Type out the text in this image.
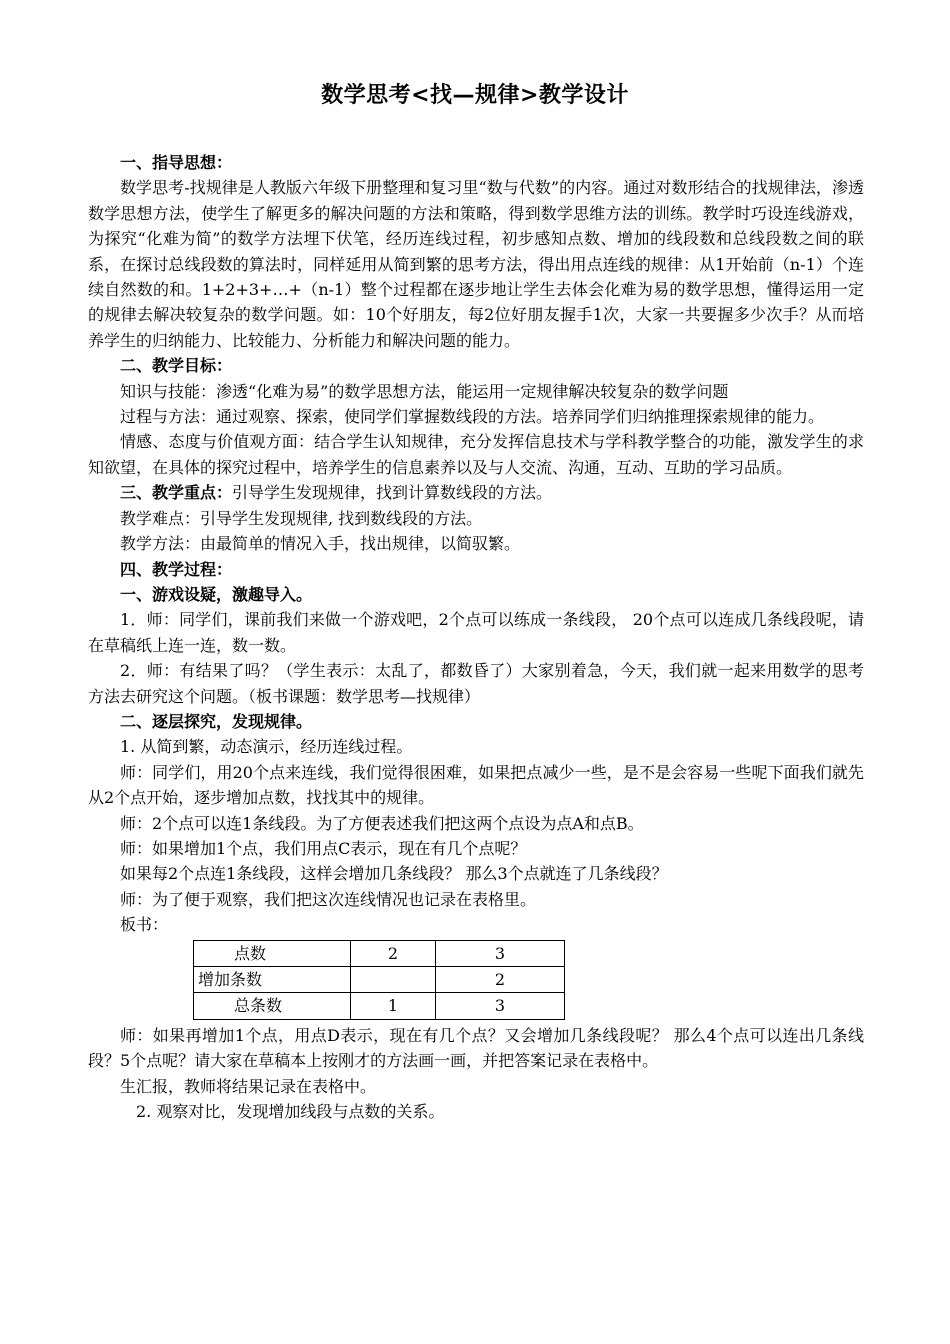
数学思考<找—规律>教学设计

一、指导思想：

数学思考-找规律是人教版六年级下册整理和复习里“数与代数”的内容。通过对数形结合的找规律法，渗透数学思想方法，使学生了解更多的解决问题的方法和策略，得到数学思维方法的训练。教学时巧设连线游戏，为探究“化难为简”的数学方法埋下伏笔，经历连线过程，初步感知点数、增加的线段数和总线段数之间的联系，在探讨总线段数的算法时，同样延用从简到繁的思考方法，得出用点连线的规律：从1开始前（n-1）个连续自然数的和。1+2+3+…+（n-1）整个过程都在逐步地让学生去体会化难为易的数学思想，懂得运用一定的规律去解决较复杂的数学问题。如：10个好朋友，每2位好朋友握手1次，大家一共要握多少次手？从而培养学生的归纳能力、比较能力、分析能力和解决问题的能力。

二、教学目标：

知识与技能：渗透“化难为易”的数学思想方法，能运用一定规律解决较复杂的数学问题

过程与方法：通过观察、探索，使同学们掌握数线段的方法。培养同学们归纳推理探索规律的能力。

情感、态度与价值观方面：结合学生认知规律，充分发挥信息技术与学科教学整合的功能，激发学生的求知欲望，在具体的探究过程中，培养学生的信息素养以及与人交流、沟通，互动、互助的学习品质。

三、教学重点：引导学生发现规律，找到计算数线段的方法。

教学难点：引导学生发现规律, 找到数线段的方法。

教学方法：由最简单的情况入手，找出规律，以简驭繁。

四、教学过程：

一、游戏设疑，激趣导入。

1．师：同学们，课前我们来做一个游戏吧，2个点可以练成一条线段， 20个点可以连成几条线段呢，请在草稿纸上连一连，数一数。

2．师：有结果了吗？（学生表示：太乱了，都数昏了）大家别着急，今天，我们就一起来用数学的思考方法去研究这个问题。（板书课题：数学思考—找规律）

二、逐层探究，发现规律。

1. 从简到繁，动态演示，经历连线过程。

师：同学们，用20个点来连线，我们觉得很困难，如果把点减少一些，是不是会容易一些呢下面我们就先从2个点开始，逐步增加点数，找找其中的规律。

师：2个点可以连1条线段。为了方便表述我们把这两个点设为点A和点B。

师：如果增加1个点，我们用点C表示，现在有几个点呢？

如果每2个点连1条线段，这样会增加几条线段？ 那么3个点就连了几条线段？

师：为了便于观察，我们把这次连线情况也记录在表格里。

板书：

点数	2	3
增加条数		2
总条数	1	3

师：如果再增加1个点，用点D表示，现在有几个点？又会增加几条线段呢？ 那么4个点可以连出几条线段？5个点呢？请大家在草稿本上按刚才的方法画一画，并把答案记录在表格中。

生汇报，教师将结果记录在表格中。

2. 观察对比，发现增加线段与点数的关系。
